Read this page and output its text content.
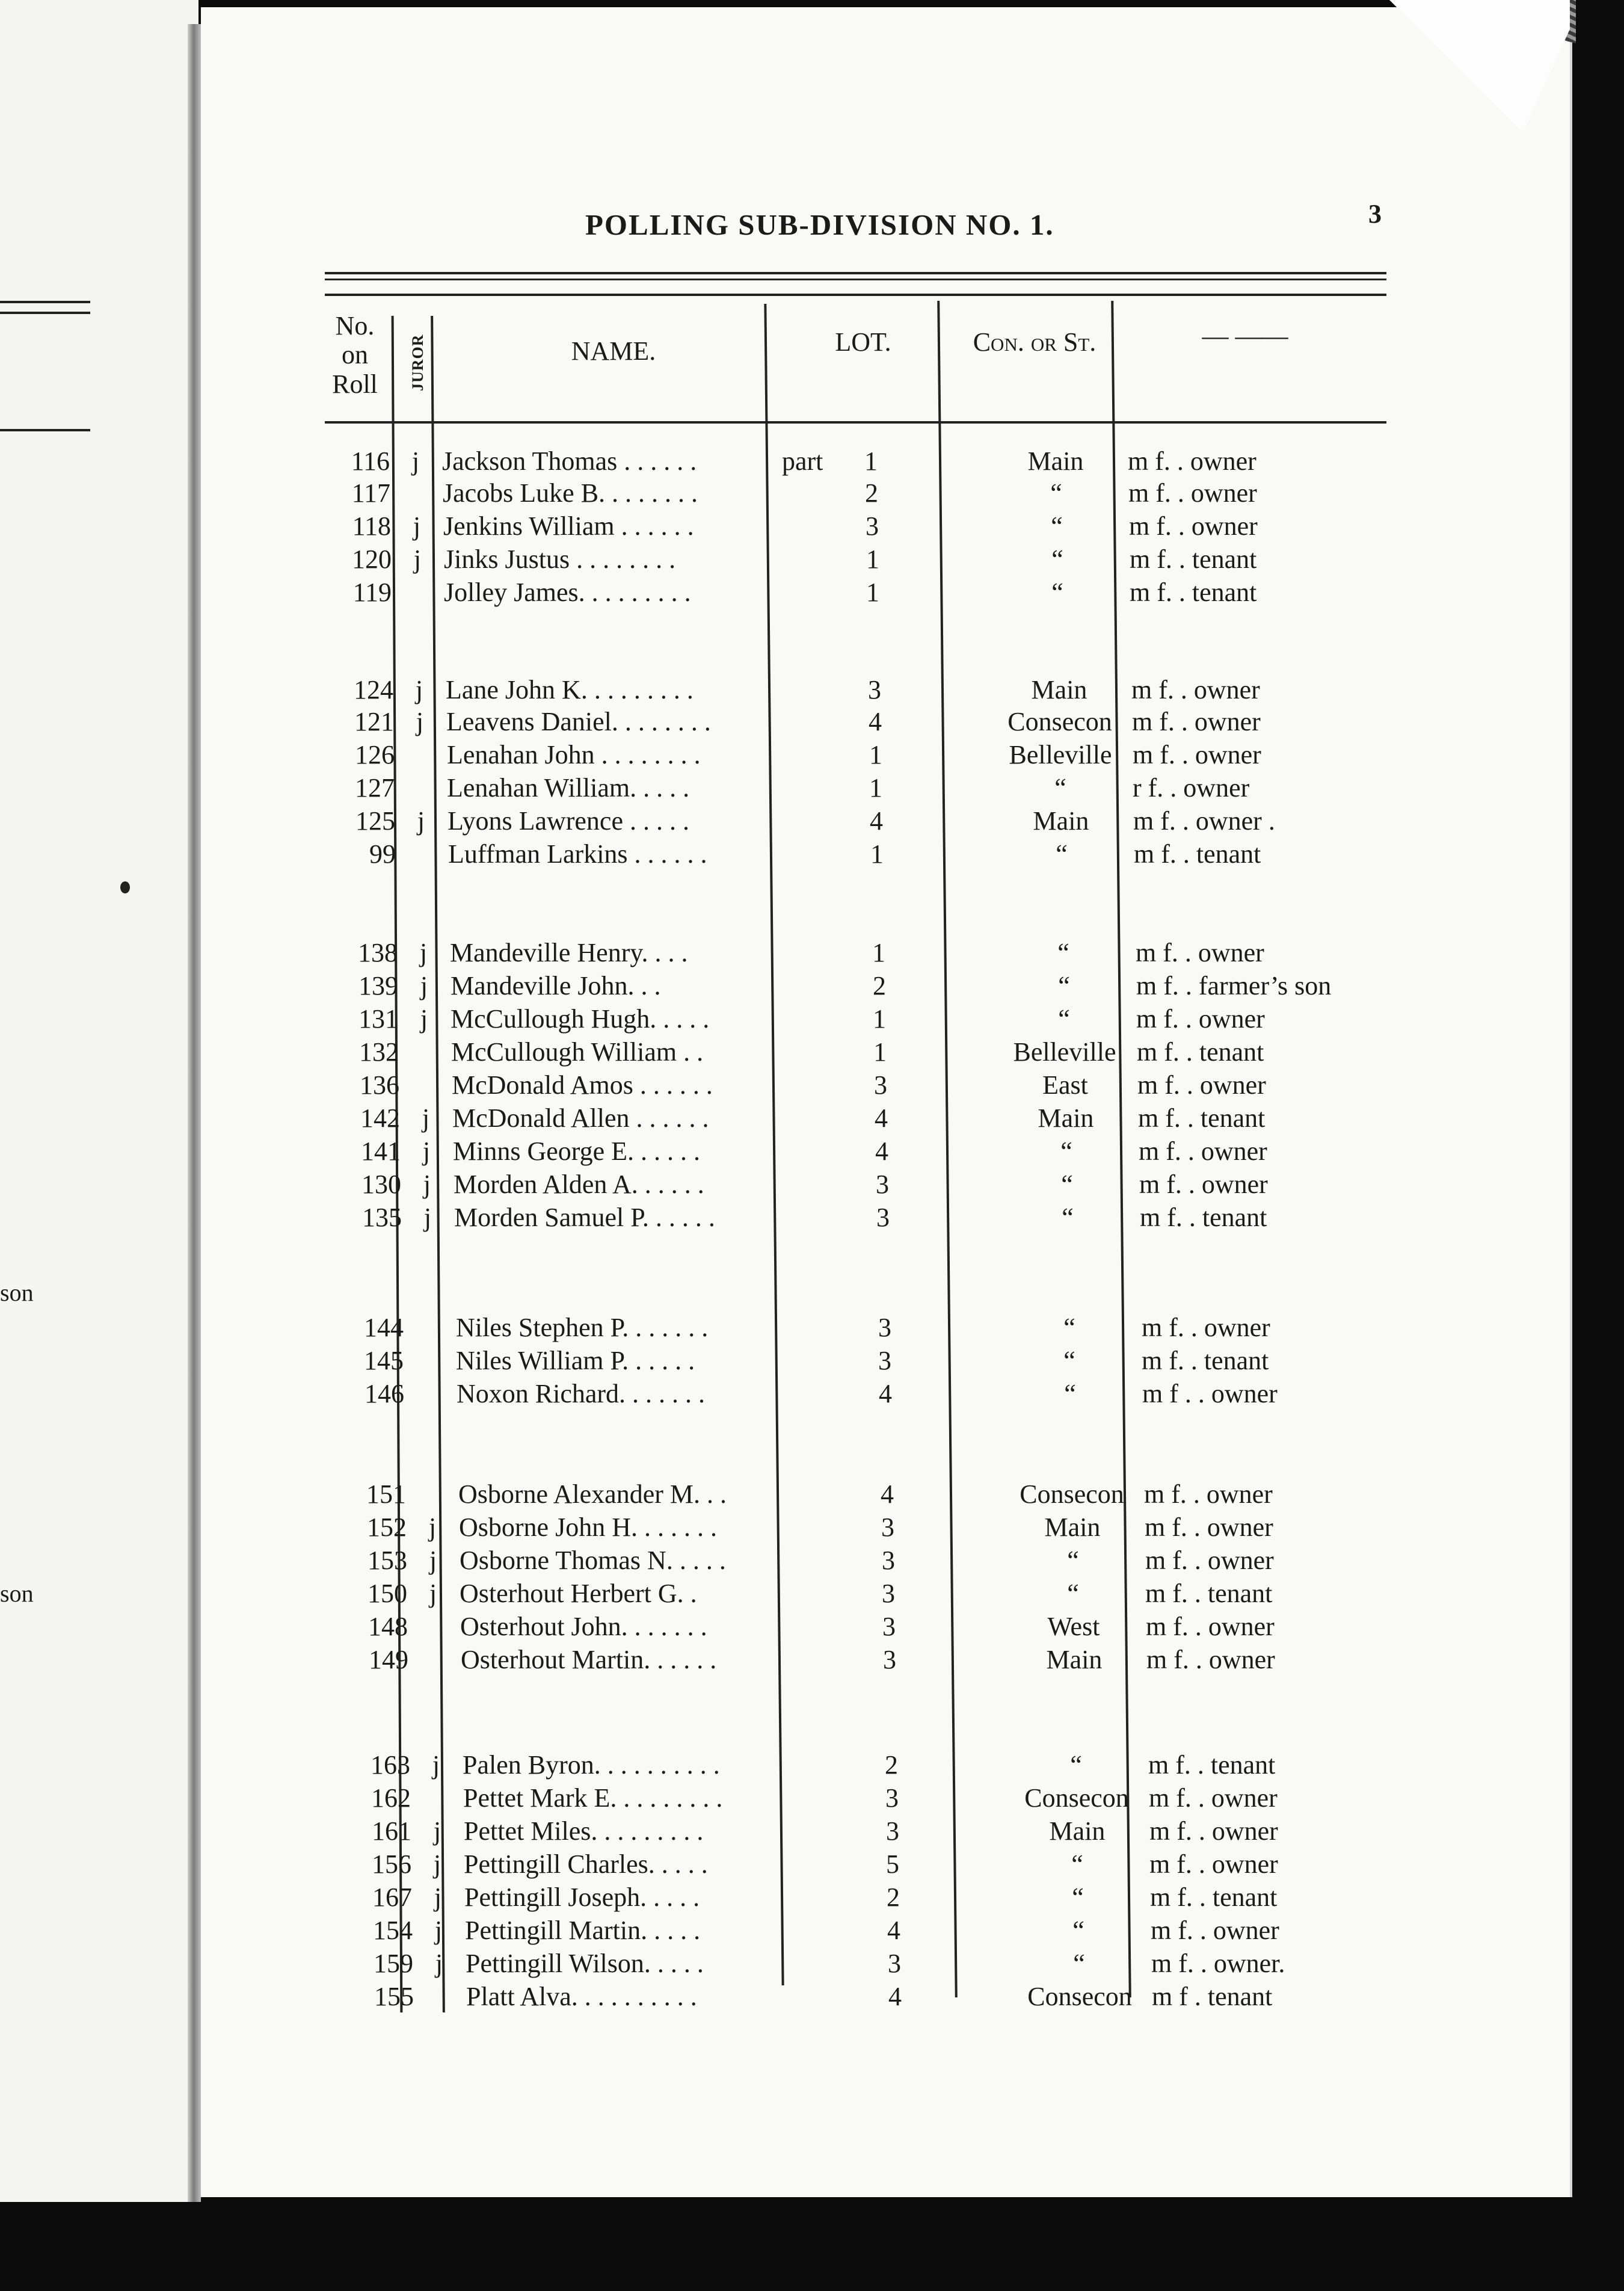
son
son
POLLING SUB-DIVISION NO. 1.	3
No.
on
Roll	JUROR	NAME.	LOT.	Con. or St.	— ——
116 j Jackson Thomas . . . . . .	part	1	Main	m f. . owner
117 Jacobs Luke B. . . . . . . .	2	“	m f. . owner
118 j Jenkins William . . . . . .	3	“	m f. . owner
120 j Jinks Justus . . . . . . . .	1	“	m f. . tenant
119 Jolley James. . . . . . . . .	1	“	m f. . tenant
124 j Lane John K. . . . . . . . .	3	Main	m f. . owner
121 j Leavens Daniel. . . . . . . .	4	Consecon m f. . owner
126 Lenahan John . . . . . . . .	1	Belleville m f. . owner
127 Lenahan William. . . . .	1	“	r f. . owner
125 j Lyons Lawrence . . . . .	4	Main	m f. . owner .
99 Luffman Larkins . . . . . .	1	“	m f. . tenant
138 j Mandeville Henry. . . .	1	“	m f. . owner
139 j Mandeville John. . .	2	“	m f. . farmer’s son
131 j McCullough Hugh. . . . .	1	“	m f. . owner
132 McCullough William . .	1	Belleville m f. . tenant
136 McDonald Amos . . . . . .	3	East	m f. . owner
142 j McDonald Allen . . . . . .	4	Main	m f. . tenant
141 j Minns George E. . . . . .	4	“	m f. . owner
130 j Morden Alden A. . . . . .	3	“	m f. . owner
135 j Morden Samuel P. . . . . .	3	“	m f. . tenant
144 Niles Stephen P. . . . . . .	3	“	m f. . owner
145 Niles William P. . . . . .	3	“	m f. . tenant
146 Noxon Richard. . . . . . .	4	“	m f . . owner
151 Osborne Alexander M. . .	4	Consecon m f. . owner
152 j Osborne John H. . . . . . .	3	Main	m f. . owner
153 j Osborne Thomas N. . . . .	3	“	m f. . owner
150 j Osterhout Herbert G. .	3	“	m f. . tenant
148 Osterhout John. . . . . . .	3	West	m f. . owner
149 Osterhout Martin. . . . . .	3	Main	m f. . owner
163 j Palen Byron. . . . . . . . . .	2	“	m f. . tenant
162 Pettet Mark E. . . . . . . . .	3	Consecon m f. . owner
161 j Pettet Miles. . . . . . . . .	3	Main	m f. . owner
156 j Pettingill Charles. . . . .	5	“	m f. . owner
167 j Pettingill Joseph. . . . .	2	“	m f. . tenant
154 j Pettingill Martin. . . . .	4	“	m f. . owner
159 j Pettingill Wilson. . . . .	3	“	m f. . owner.
155 Platt Alva. . . . . . . . . .	4	Consecon m f . tenant
